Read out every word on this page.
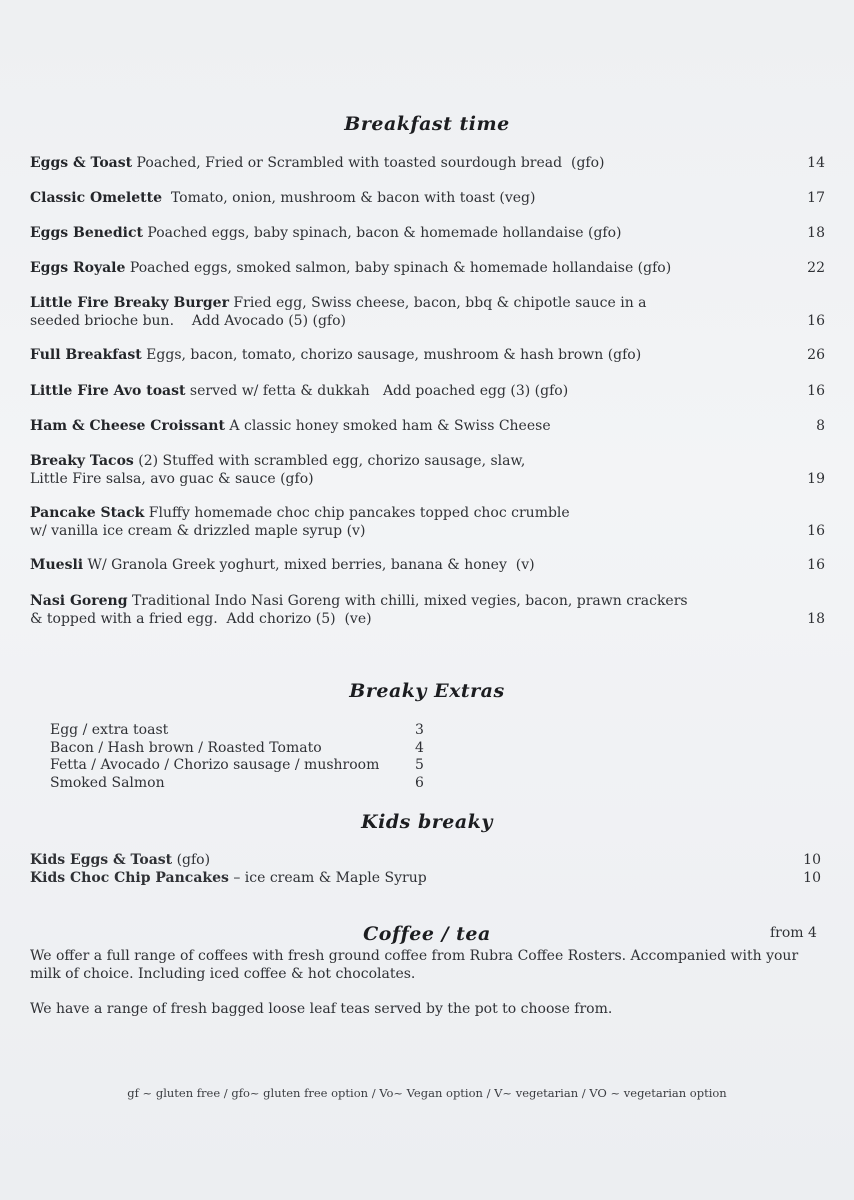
Breakfast time
Eggs & Toast Poached, Fried or Scrambled with toasted sourdough bread  (gfo)	14
Classic Omelette  Tomato, onion, mushroom & bacon with toast (veg)	17
Eggs Benedict Poached eggs, baby spinach, bacon & homemade hollandaise (gfo)	18
Eggs Royale Poached eggs, smoked salmon, baby spinach & homemade hollandaise (gfo)	22
Little Fire Breaky Burger Fried egg, Swiss cheese, bacon, bbq & chipotle sauce in a
seeded brioche bun.    Add Avocado (5) (gfo)	16
Full Breakfast Eggs, bacon, tomato, chorizo sausage, mushroom & hash brown (gfo)	26
Little Fire Avo toast served w/ fetta & dukkah   Add poached egg (3) (gfo)	16
Ham & Cheese Croissant A classic honey smoked ham & Swiss Cheese	8
Breaky Tacos (2) Stuffed with scrambled egg, chorizo sausage, slaw,
Little Fire salsa, avo guac & sauce (gfo)	19
Pancake Stack Fluffy homemade choc chip pancakes topped choc crumble
w/ vanilla ice cream & drizzled maple syrup (v)	16
Muesli W/ Granola Greek yoghurt, mixed berries, banana & honey  (v)	16
Nasi Goreng Traditional Indo Nasi Goreng with chilli, mixed vegies, bacon, prawn crackers
& topped with a fried egg.  Add chorizo (5)  (ve)	18
Breaky Extras
Egg / extra toast	3
Bacon / Hash brown / Roasted Tomato	4
Fetta / Avocado / Chorizo sausage / mushroom	5
Smoked Salmon	6
Kids breaky
Kids Eggs & Toast (gfo)	10
Kids Choc Chip Pancakes – ice cream & Maple Syrup	10
Coffee / tea	from 4
We offer a full range of coffees with fresh ground coffee from Rubra Coffee Rosters. Accompanied with your milk of choice. Including iced coffee & hot chocolates.
We have a range of fresh bagged loose leaf teas served by the pot to choose from.
gf ~ gluten free / gfo~ gluten free option / Vo~ Vegan option / V~ vegetarian / VO ~ vegetarian option
